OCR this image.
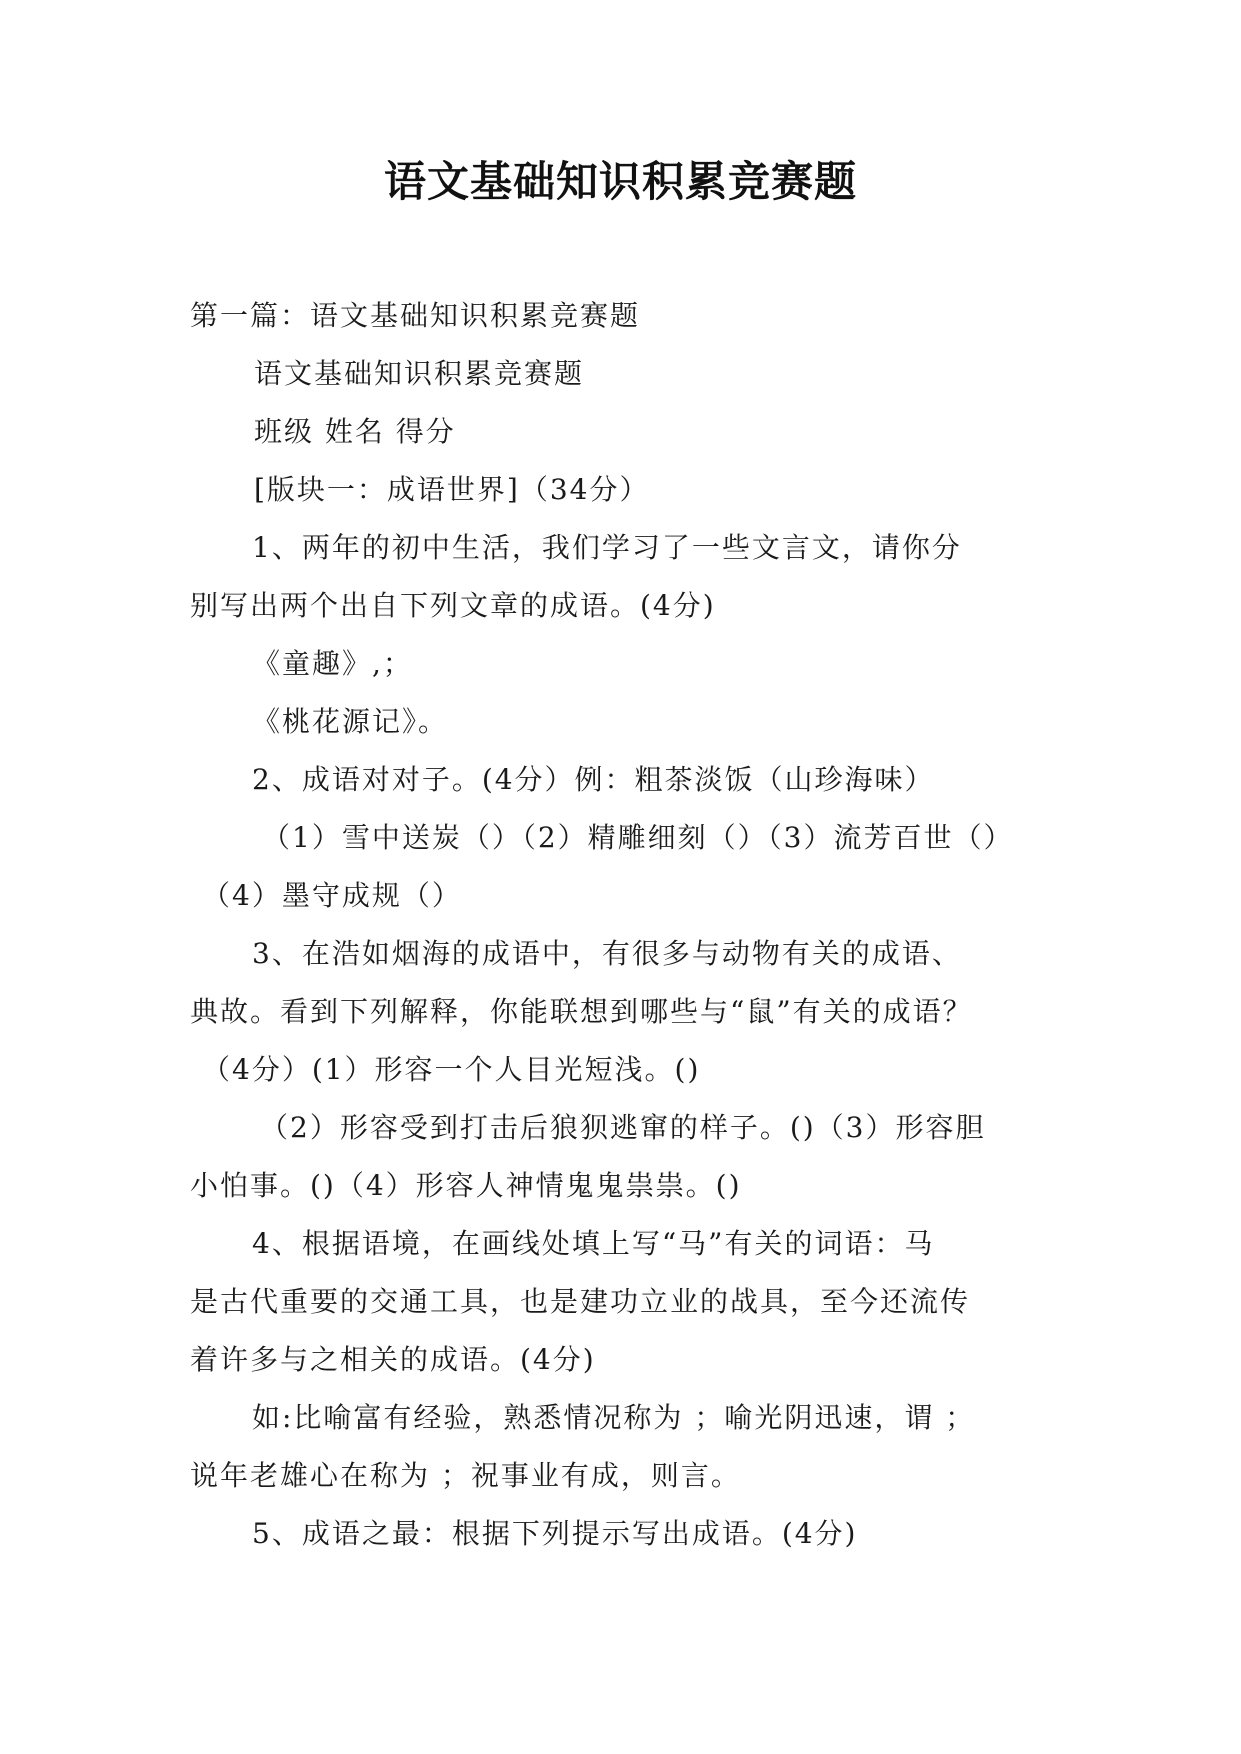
语文基础知识积累竞赛题
第一篇：语文基础知识积累竞赛题
语文基础知识积累竞赛题
班级 姓名 得分
[版块一：成语世界]（34分）
1、两年的初中生活，我们学习了一些文言文，请你分
别写出两个出自下列文章的成语。(4分)
《童趣》,；
《桃花源记》。
2、成语对对子。(4分）例：粗茶淡饭（山珍海味）
（1）雪中送炭（）（2）精雕细刻（）（3）流芳百世（）
（4）墨守成规（）
3、在浩如烟海的成语中，有很多与动物有关的成语、
典故。看到下列解释，你能联想到哪些与“鼠”有关的成语？
（4分）(1）形容一个人目光短浅。()
（2）形容受到打击后狼狈逃窜的样子。()（3）形容胆
小怕事。()（4）形容人神情鬼鬼祟祟。()
4、根据语境，在画线处填上写“马”有关的词语：马
是古代重要的交通工具，也是建功立业的战具，至今还流传
着许多与之相关的成语。(4分)
如:比喻富有经验，熟悉情况称为 ；喻光阴迅速，谓 ；
说年老雄心在称为 ；祝事业有成，则言。
5、成语之最：根据下列提示写出成语。(4分)
